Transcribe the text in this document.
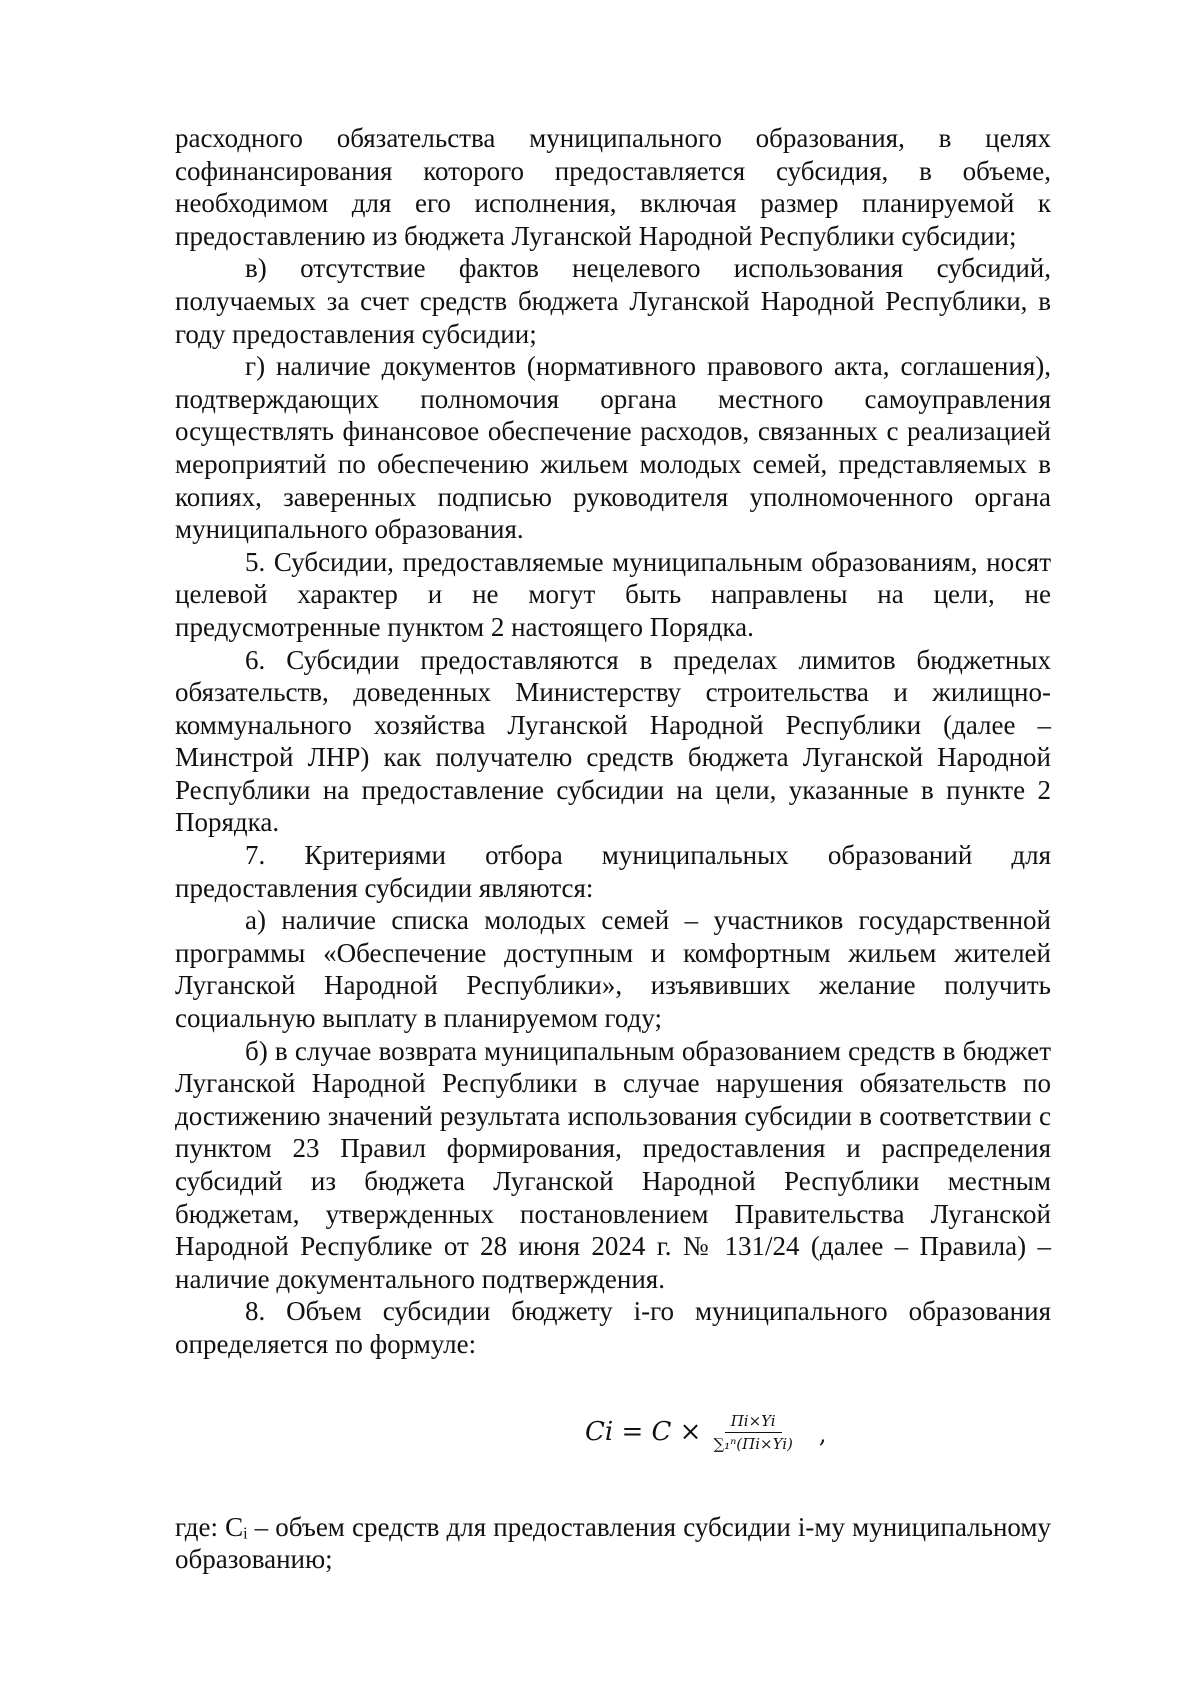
расходного обязательства муниципального образования, в целях софинансирования которого предоставляется субсидия, в объеме, необходимом для его исполнения, включая размер планируемой к предоставлению из бюджета Луганской Народной Республики субсидии;

в) отсутствие фактов нецелевого использования субсидий, получаемых за счет средств бюджета Луганской Народной Республики, в году предоставления субсидии;

г) наличие документов (нормативного правового акта, соглашения), подтверждающих полномочия органа местного самоуправления осуществлять финансовое обеспечение расходов, связанных с реализацией мероприятий по обеспечению жильем молодых семей, представляемых в копиях, заверенных подписью руководителя уполномоченного органа муниципального образования.

5. Субсидии, предоставляемые муниципальным образованиям, носят целевой характер и не могут быть направлены на цели, не предусмотренные пунктом 2 настоящего Порядка.

6. Субсидии предоставляются в пределах лимитов бюджетных обязательств, доведенных Министерству строительства и жилищно-коммунального хозяйства Луганской Народной Республики (далее – Минстрой ЛНР) как получателю средств бюджета Луганской Народной Республики на предоставление субсидии на цели, указанные в пункте 2 Порядка.

7. Критериями отбора муниципальных образований для предоставления субсидии являются:

а) наличие списка молодых семей – участников государственной программы «Обеспечение доступным и комфортным жильем жителей Луганской Народной Республики», изъявивших желание получить социальную выплату в планируемом году;

б) в случае возврата муниципальным образованием средств в бюджет Луганской Народной Республики в случае нарушения обязательств по достижению значений результата использования субсидии в соответствии с пунктом 23 Правил формирования, предоставления и распределения субсидий из бюджета Луганской Народной Республики местным бюджетам, утвержденных постановлением Правительства Луганской Народной Республике от 28 июня 2024 г. № 131/24 (далее – Правила) – наличие документального подтверждения.

8. Объем субсидии бюджету i-го муниципального образования определяется по формуле:

$Ci = C \times \frac{Пi\times Yi}{\text{∑₁ⁿ(Пi×Yi)}}$ ,

где: Cᵢ – объем средств для предоставления субсидии i-му муниципальному образованию;
